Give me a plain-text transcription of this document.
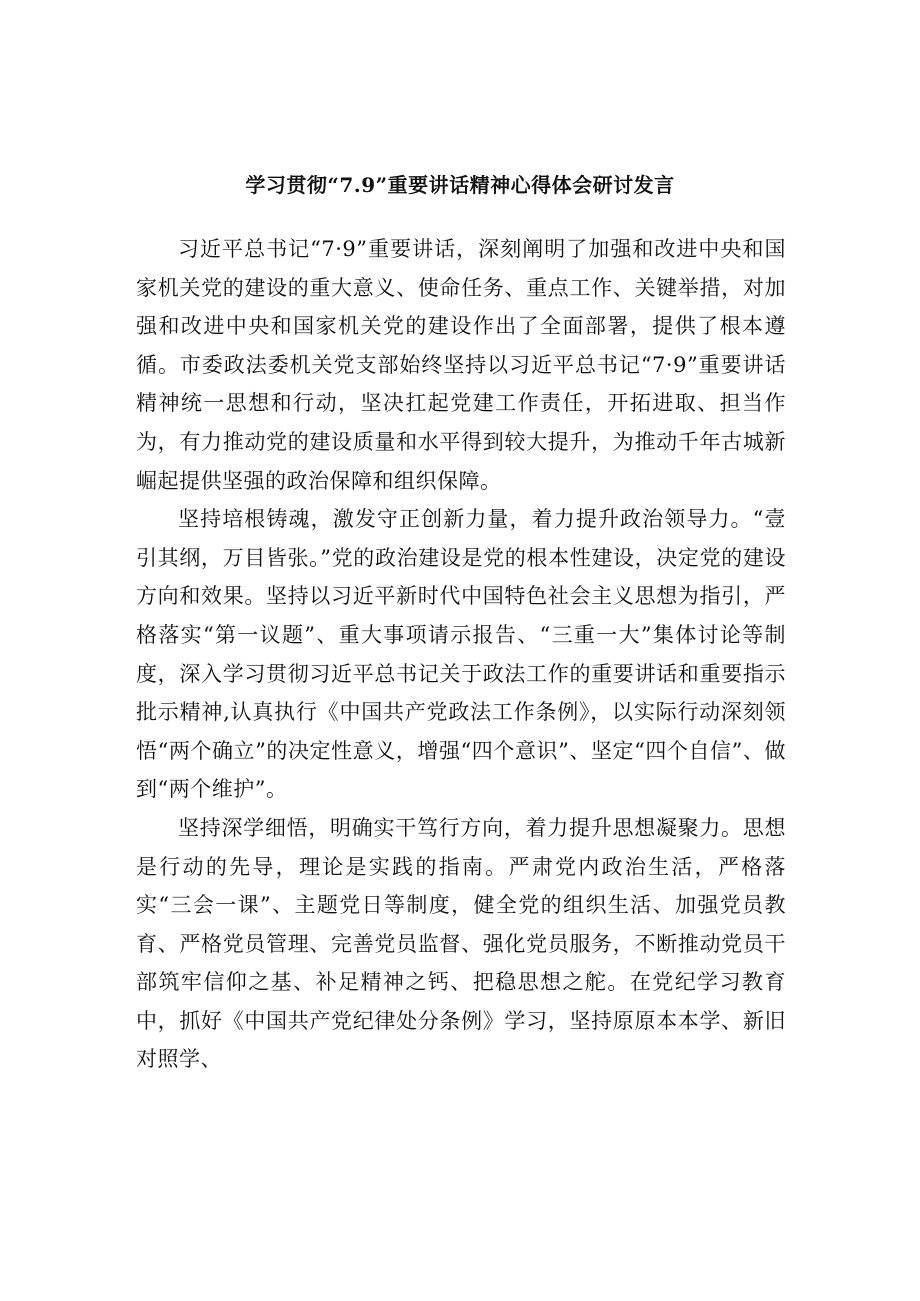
学习贯彻“7.9”重要讲话精神心得体会研讨发言

习近平总书记“7·9”重要讲话，深刻阐明了加强和改进中央和国家机关党的建设的重大意义、使命任务、重点工作、关键举措，对加强和改进中央和国家机关党的建设作出了全面部署，提供了根本遵循。市委政法委机关党支部始终坚持以习近平总书记“7·9”重要讲话精神统一思想和行动，坚决扛起党建工作责任，开拓进取、担当作为，有力推动党的建设质量和水平得到较大提升，为推动千年古城新崛起提供坚强的政治保障和组织保障。

坚持培根铸魂，激发守正创新力量，着力提升政治领导力。“壹引其纲，万目皆张。”党的政治建设是党的根本性建设，决定党的建设方向和效果。坚持以习近平新时代中国特色社会主义思想为指引，严格落实“第一议题”、重大事项请示报告、“三重一大”集体讨论等制度，深入学习贯彻习近平总书记关于政法工作的重要讲话和重要指示批示精神,认真执行《中国共产党政法工作条例》，以实际行动深刻领悟“两个确立”的决定性意义，增强“四个意识”、坚定“四个自信”、做到“两个维护”。

坚持深学细悟，明确实干笃行方向，着力提升思想凝聚力。思想是行动的先导，理论是实践的指南。严肃党内政治生活，严格落实“三会一课”、主题党日等制度，健全党的组织生活、加强党员教育、严格党员管理、完善党员监督、强化党员服务，不断推动党员干部筑牢信仰之基、补足精神之钙、把稳思想之舵。在党纪学习教育中，抓好《中国共产党纪律处分条例》学习，坚持原原本本学、新旧对照学、
